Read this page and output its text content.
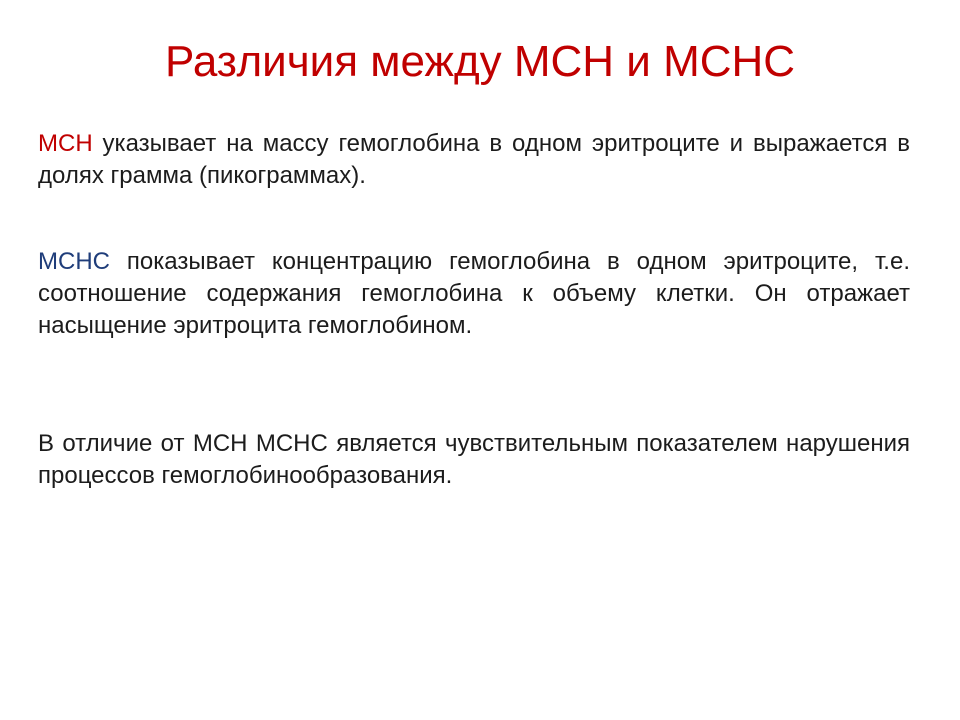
Различия между МСН и МСНС

МСН указывает на массу гемоглобина в одном эритроците и выражается в долях грамма (пикограммах).

МСНС показывает концентрацию гемоглобина в одном эритроците, т.е. соотношение содержания гемоглобина к объему клетки. Он отражает насыщение эритроцита гемоглобином.

В отличие от МСН МСНС является чувствительным показателем нарушения процессов гемоглобинообразования.
